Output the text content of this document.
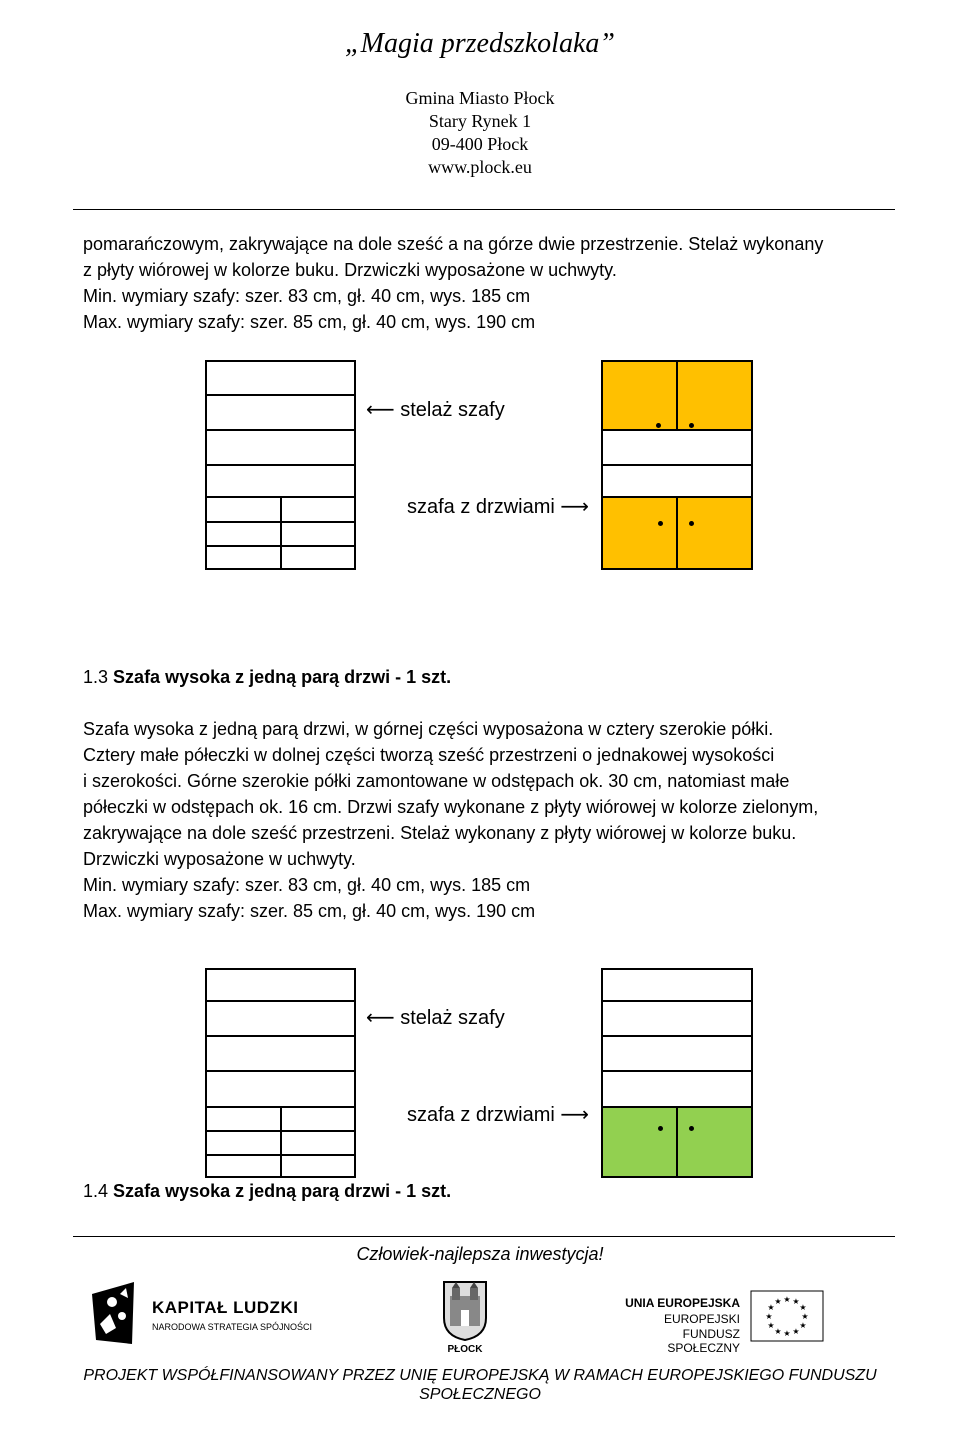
„Magia przedszkolaka”
Gmina Miasto Płock
Stary Rynek 1
09-400 Płock
www.plock.eu
pomarańczowym, zakrywające na dole sześć a na górze dwie przestrzenie. Stelaż wykonany
z płyty wiórowej w kolorze buku. Drzwiczki wyposażone w uchwyty.
Min. wymiary szafy: szer. 83 cm, gł. 40 cm, wys. 185 cm
Max. wymiary szafy: szer. 85 cm, gł. 40 cm, wys. 190 cm
⟵ stelaż szafy
szafa z drzwiami ⟶
1.3 Szafa wysoka z jedną parą drzwi - 1 szt.
Szafa wysoka z jedną parą drzwi, w górnej części wyposażona w cztery szerokie półki.
Cztery małe półeczki w dolnej części tworzą sześć przestrzeni o jednakowej wysokości
i szerokości. Górne szerokie półki zamontowane w odstępach ok. 30 cm, natomiast małe
półeczki w odstępach ok. 16 cm. Drzwi szafy wykonane z płyty wiórowej w kolorze zielonym,
zakrywające na dole sześć przestrzeni. Stelaż wykonany z płyty wiórowej w kolorze buku.
Drzwiczki wyposażone w uchwyty.
Min. wymiary szafy: szer. 83 cm, gł. 40 cm, wys. 185 cm
Max. wymiary szafy: szer. 85 cm, gł. 40 cm, wys. 190 cm
⟵ stelaż szafy
szafa z drzwiami ⟶
1.4 Szafa wysoka z jedną parą drzwi - 1 szt.
Człowiek-najlepsza inwestycja!
KAPITAŁ LUDZKI
NARODOWA STRATEGIA SPÓJNOŚCI
PŁOCK
UNIA EUROPEJSKA
EUROPEJSKI
FUNDUSZ SPOŁECZNY
★ ★
★
★
★
★
★
★
★
★
★
★
PROJEKT WSPÓŁFINANSOWANY PRZEZ UNIĘ EUROPEJSKĄ W RAMACH EUROPEJSKIEGO FUNDUSZU
SPOŁECZNEGO
